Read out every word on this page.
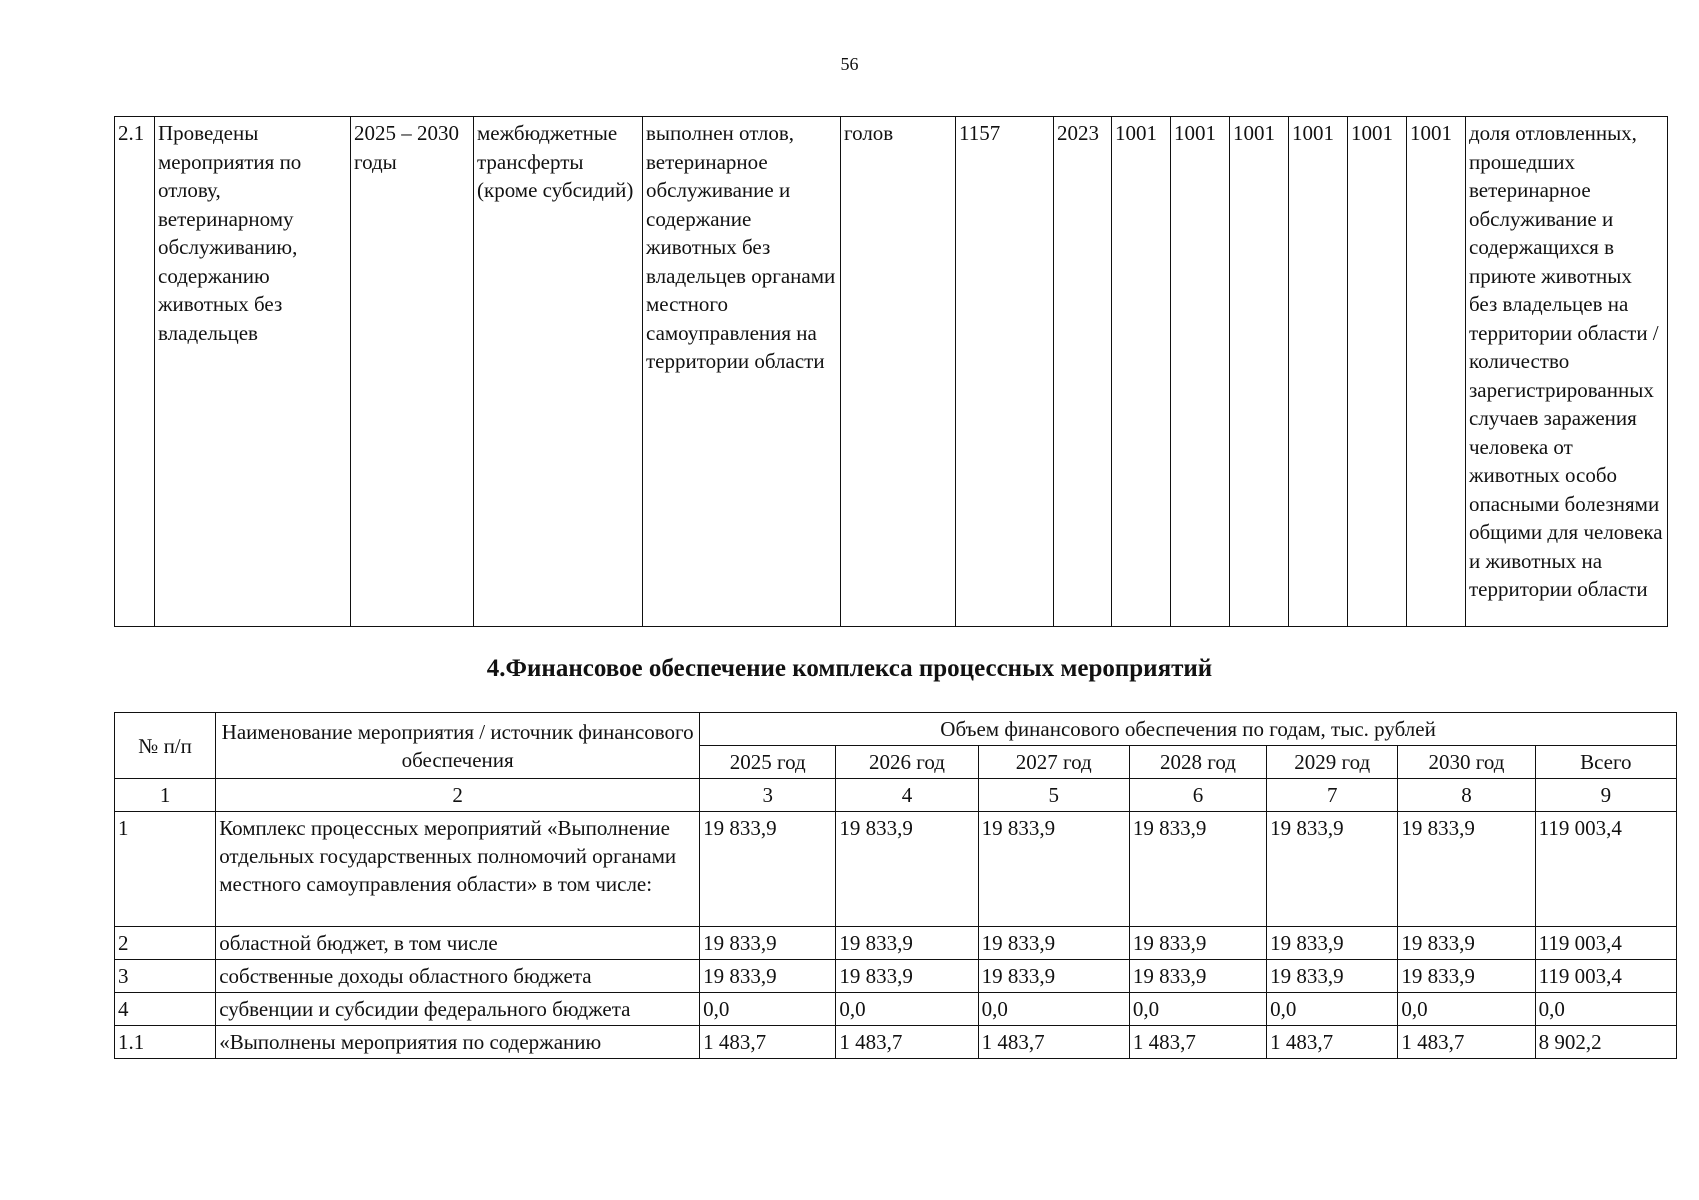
56
2.1	Проведены мероприятия по отлову, ветеринарному обслуживанию, содержанию животных без владельцев	2025 – 2030 годы	межбюджетные трансферты (кроме субсидий)	выполнен отлов, ветеринарное обслуживание и содержание животных без владельцев органами местного самоуправления на территории области	голов	1157	2023	1001	1001	1001	1001	1001	1001	доля отловленных, прошедших ветеринарное обслуживание и содержащихся в приюте животных без владельцев на территории области / количество зарегистрированных случаев заражения человека от животных особо опасными болезнями общими для человека и животных на территории области
4.Финансовое обеспечение комплекса процессных мероприятий
№ п/п	Наименование мероприятия / источник финансового обеспечения	Объем финансового обеспечения по годам, тыс. рублей						
		2025 год	2026 год	2027 год	2028 год	2029 год	2030 год	Всего
1	2	3	4	5	6	7	8	9
1	Комплекс процессных мероприятий «Выполнение отдельных государственных полномочий органами местного самоуправления области» в том числе:	19 833,9	19 833,9	19 833,9	19 833,9	19 833,9	19 833,9	119 003,4
2	областной бюджет, в том числе	19 833,9	19 833,9	19 833,9	19 833,9	19 833,9	19 833,9	119 003,4
3	собственные доходы областного бюджета	19 833,9	19 833,9	19 833,9	19 833,9	19 833,9	19 833,9	119 003,4
4	субвенции и субсидии федерального бюджета	0,0	0,0	0,0	0,0	0,0	0,0	0,0
1.1	«Выполнены мероприятия по содержанию	1 483,7	1 483,7	1 483,7	1 483,7	1 483,7	1 483,7	8 902,2
